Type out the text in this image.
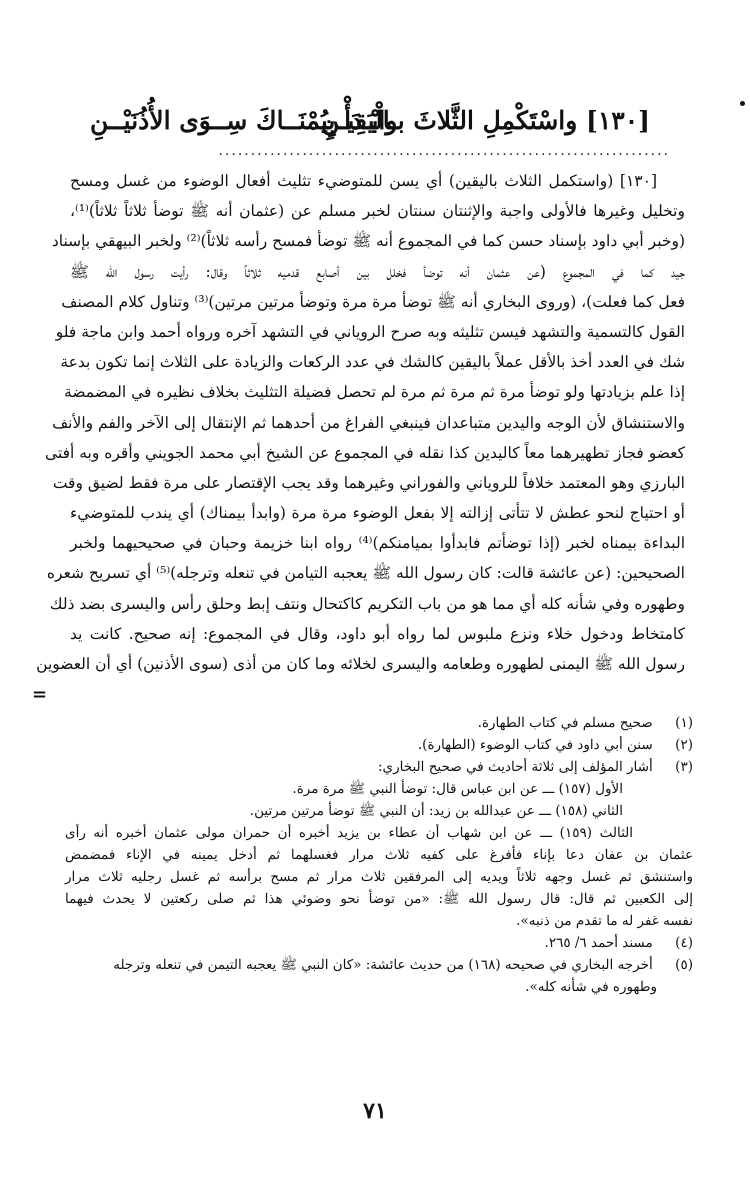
[١٣٠] واسْتَكْمِلِ الثَّلاثَ بـالْيَقِيـنِ
وابْـدَأْ بِيُمْنَــاكَ سِــوَى الأُذُنَيْــنِ
......................................................................
[١٣٠] (واستكمل الثلاث باليقين) أي يسن للمتوضيء تثليث أفعال الوضوء من غسل ومسح
وتخليل وغيرها فالأولى واجبة والإثنتان سنتان لخبر مسلم عن (عثمان أنه ﷺ توضأ ثلاثاً ثلاثاً)⁽¹⁾،
(وخبر أبي داود بإسناد حسن كما في المجموع أنه ﷺ توضأ فمسح رأسه ثلاثاً)⁽²⁾ ولخبر البيهقي بإسناد
جيد كما في المجموع (عن عثمان أنه توضأ فخلل بين أصابع قدميه ثلاثاً وقال: رأيت رسول الله ﷺ
فعل كما فعلت)، (وروى البخاري أنه ﷺ توضأ مرة مرة وتوضأ مرتين مرتين)⁽³⁾ وتناول كلام المصنف
القول كالتسمية والتشهد فيسن تثليثه وبه صرح الروياني في التشهد آخره ورواه أحمد وابن ماجة فلو
شك في العدد أخذ بالأقل عملاً باليقين كالشك في عدد الركعات والزيادة على الثلاث إنما تكون بدعة
إذا علم بزيادتها ولو توضأ مرة ثم مرة ثم مرة لم تحصل فضيلة التثليث بخلاف نظيره في المضمضة
والاستنشاق لأن الوجه واليدين متباعدان فينبغي الفراغ من أحدهما ثم الإنتقال إلى الآخر والفم والأنف
كعضو فجاز تطهيرهما معاً كاليدين كذا نقله في المجموع عن الشيخ أبي محمد الجويني وأقره وبه أفتى
البارزي وهو المعتمد خلافاً للروياني والفوراني وغيرهما وقد يجب الإقتصار على مرة فقط لضيق وقت
أو احتياج لنحو عطش لا تتأتى إزالته إلا بفعل الوضوء مرة مرة (وابدأ بيمناك) أي يندب للمتوضيء
البداءة بيمناه لخبر (إذا توضأتم فابدأوا بميامنكم)⁽⁴⁾ رواه ابنا خزيمة وحبان في صحيحيهما ولخبر
الصحيحين: (عن عائشة قالت: كان رسول الله ﷺ يعجبه التيامن في تنعله وترجله)⁽⁵⁾ أي تسريح شعره
وطهوره وفي شأنه كله أي مما هو من باب التكريم كاكتحال ونتف إبط وحلق رأس واليسرى بضد ذلك
كامتخاط ودخول خلاء ونزع ملبوس لما رواه أبو داود، وقال في المجموع: إنه صحيح. كانت يد
رسول الله ﷺ اليمنى لطهوره وطعامه واليسرى لخلائه وما كان من أذى (سوى الأذنين) أي أن العضوين
=
(١) صحيح مسلم في كتاب الطهارة.
(٢) سنن أبي داود في كتاب الوضوء (الطهارة).
(٣) أشار المؤلف إلى ثلاثة أحاديث في صحيح البخاري:
الأول (١٥٧) ـــ عن ابن عباس قال: توضأ النبي ﷺ مرة مرة.
الثاني (١٥٨) ـــ عن عبدالله بن زيد: أن النبي ﷺ توضأ مرتين مرتين.
الثالث (١٥٩) ـــ عن ابن شهاب أن عطاء بن يزيد أخبره أن حمران مولى عثمان أخبره أنه رأى
عثمان بن عفان دعا بإناء فأفرغ على كفيه ثلاث مرار فغسلهما ثم أدخل يمينه في الإناء فمضمض
واستنشق ثم غسل وجهه ثلاثاً ويديه إلى المرفقين ثلاث مرار ثم مسح برأسه ثم غسل رجليه ثلاث مرار
إلى الكعبين ثم قال: قال رسول الله ﷺ: «من توضأ نحو وضوئي هذا ثم صلى ركعتين لا يحدث فيهما
نفسه غفر له ما تقدم من ذنبه».
(٤) مسند أحمد ٦/ ٢٦٥.
(٥) أخرجه البخاري في صحيحه (١٦٨) من حديث عائشة: «كان النبي ﷺ يعجبه التيمن في تنعله وترجله
وطهوره في شأنه كله».
٧١
